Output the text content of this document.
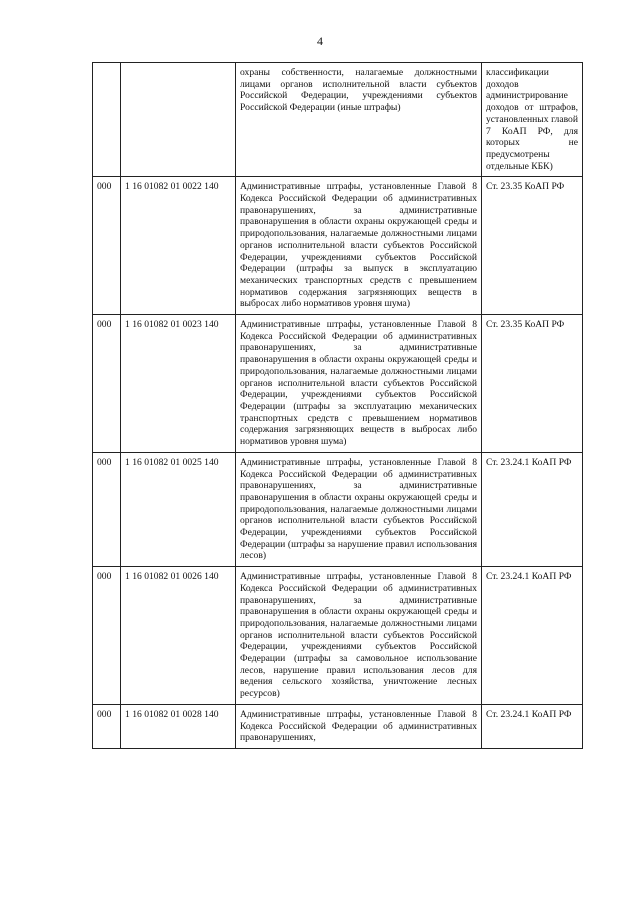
4
		охраны собственности, налагаемые должностными лицами органов исполнительной власти субъектов Российской Федерации, учреждениями субъектов Российской Федерации (иные штрафы)	классификации доходов администрирование доходов от штрафов, установленных главой 7 КоАП РФ, для которых не предусмотрены отдельные КБК)
000	1 16 01082 01 0022 140	Административные штрафы, установленные Главой 8 Кодекса Российской Федерации об административных правонарушениях, за административные правонарушения в области охраны окружающей среды и природопользования, налагаемые должностными лицами органов исполнительной власти субъектов Российской Федерации, учреждениями субъектов Российской Федерации (штрафы за выпуск в эксплуатацию механических транспортных средств с превышением нормативов содержания загрязняющих веществ в выбросах либо нормативов уровня шума)	Ст. 23.35 КоАП РФ
000	1 16 01082 01 0023 140	Административные штрафы, установленные Главой 8 Кодекса Российской Федерации об административных правонарушениях, за административные правонарушения в области охраны окружающей среды и природопользования, налагаемые должностными лицами органов исполнительной власти субъектов Российской Федерации, учреждениями субъектов Российской Федерации (штрафы за эксплуатацию механических транспортных средств с превышением нормативов содержания загрязняющих веществ в выбросах либо нормативов уровня шума)	Ст. 23.35 КоАП РФ
000	1 16 01082 01 0025 140	Административные штрафы, установленные Главой 8 Кодекса Российской Федерации об административных правонарушениях, за административные правонарушения в области охраны окружающей среды и природопользования, налагаемые должностными лицами органов исполнительной власти субъектов Российской Федерации, учреждениями субъектов Российской Федерации (штрафы за нарушение правил использования лесов)	Ст. 23.24.1 КоАП РФ
000	1 16 01082 01 0026 140	Административные штрафы, установленные Главой 8 Кодекса Российской Федерации об административных правонарушениях, за административные правонарушения в области охраны окружающей среды и природопользования, налагаемые должностными лицами органов исполнительной власти субъектов Российской Федерации, учреждениями субъектов Российской Федерации (штрафы за самовольное использование лесов, нарушение правил использования лесов для ведения сельского хозяйства, уничтожение лесных ресурсов)	Ст. 23.24.1 КоАП РФ
000	1 16 01082 01 0028 140	Административные штрафы, установленные Главой 8 Кодекса Российской Федерации об административных правонарушениях,	Ст. 23.24.1 КоАП РФ
